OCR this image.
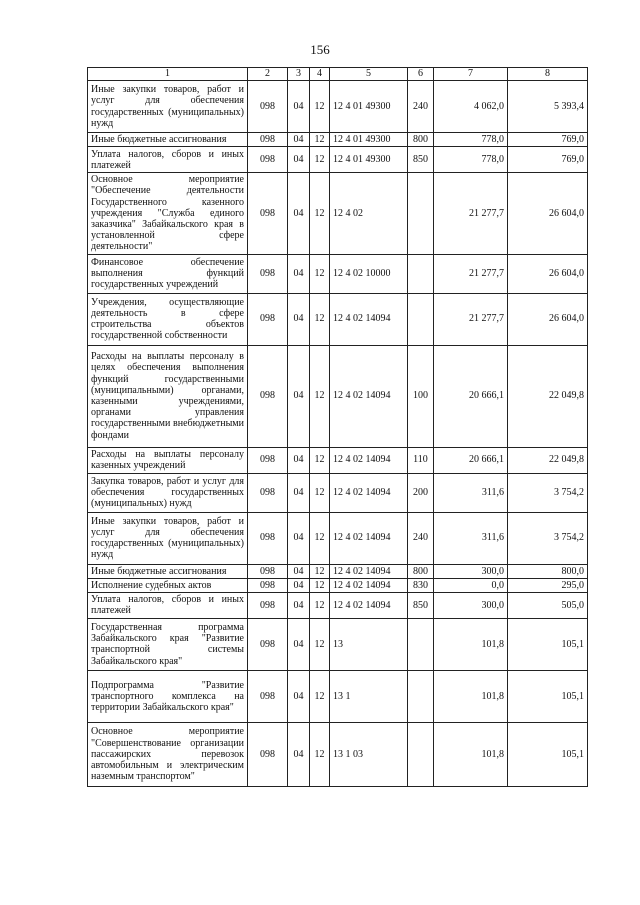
156
1	2	3	4	5	6	7	8
Иные закупки товаров, работ и услуг для обеспечения государственных (муниципальных) нужд	098	04	12	12 4 01 49300	240	4 062,0	5 393,4
Иные бюджетные ассигнования	098	04	12	12 4 01 49300	800	778,0	769,0
Уплата налогов, сборов и иных платежей	098	04	12	12 4 01 49300	850	778,0	769,0
Основное мероприятие "Обеспечение деятельности Государственного казенного учреждения "Служба единого заказчика" Забайкальского края в установленной сфере деятельности"	098	04	12	12 4 02		21 277,7	26 604,0
Финансовое обеспечение выполнения функций государственных учреждений	098	04	12	12 4 02 10000		21 277,7	26 604,0
Учреждения, осуществляющие деятельность в сфере строительства объектов государственной собственности	098	04	12	12 4 02 14094		21 277,7	26 604,0
Расходы на выплаты персоналу в целях обеспечения выполнения функций государственными (муниципальными) органами, казенными учреждениями, органами управления государственными внебюджетными фондами	098	04	12	12 4 02 14094	100	20 666,1	22 049,8
Расходы на выплаты персоналу казенных учреждений	098	04	12	12 4 02 14094	110	20 666,1	22 049,8
Закупка товаров, работ и услуг для обеспечения государственных (муниципальных) нужд	098	04	12	12 4 02 14094	200	311,6	3 754,2
Иные закупки товаров, работ и услуг для обеспечения государственных (муниципальных) нужд	098	04	12	12 4 02 14094	240	311,6	3 754,2
Иные бюджетные ассигнования	098	04	12	12 4 02 14094	800	300,0	800,0
Исполнение судебных актов	098	04	12	12 4 02 14094	830	0,0	295,0
Уплата налогов, сборов и иных платежей	098	04	12	12 4 02 14094	850	300,0	505,0
Государственная программа Забайкальского края "Развитие транспортной системы Забайкальского края"	098	04	12	13		101,8	105,1
Подпрограмма "Развитие транспортного комплекса на территории Забайкальского края"	098	04	12	13 1		101,8	105,1
Основное мероприятие "Совершенствование организации пассажирских перевозок автомобильным и электрическим наземным транспортом"	098	04	12	13 1 03		101,8	105,1
